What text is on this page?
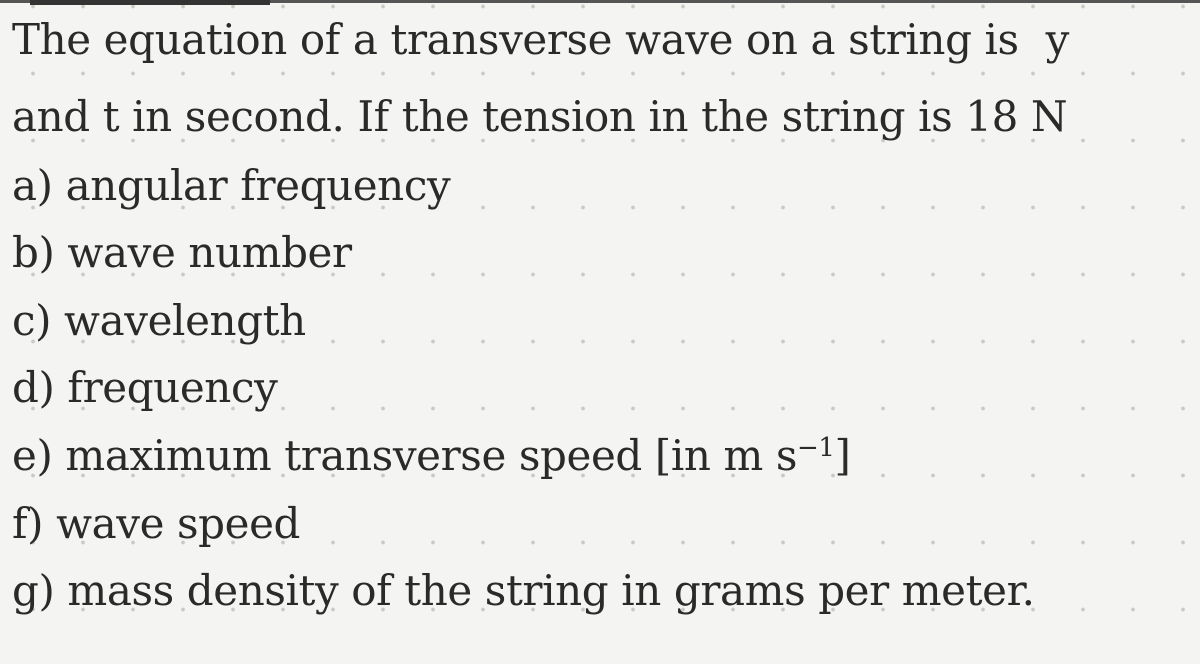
The equation of a transverse wave on a string is y
and t in second. If the tension in the string is 18 N
a) angular frequency
b) wave number
c) wavelength
d) frequency
e) maximum transverse speed [in m $s^{-1}$]
f) wave speed
g) mass density of the string in grams per meter.
